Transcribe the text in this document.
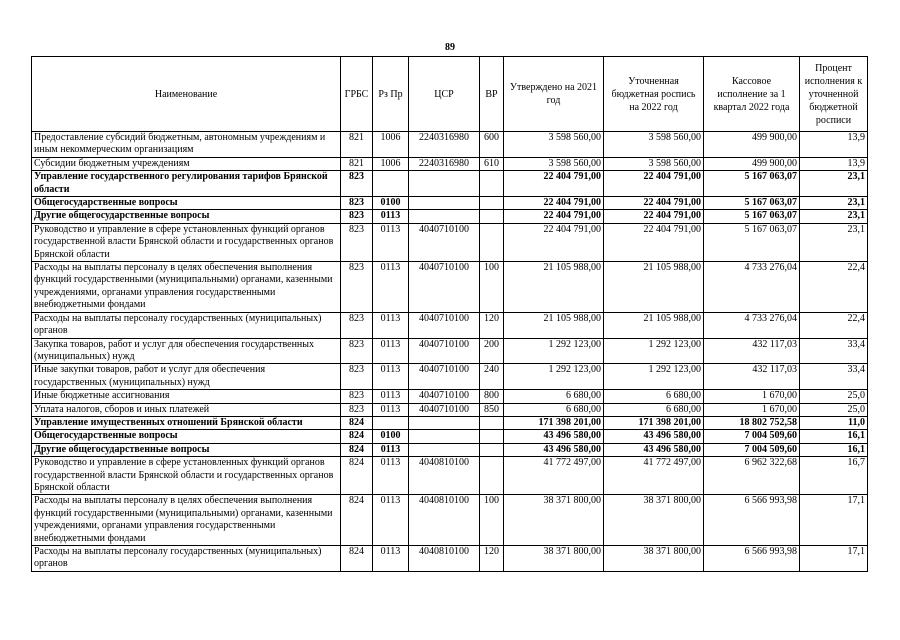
89
Наименование	ГРБС	Рз Пр	ЦСР	ВР	Утверждено на 2021 год	Уточненная бюджетная роспись на 2022 год	Кассовое исполнение за 1 квартал 2022 года	Процент исполнения к уточненной бюджетной росписи
Предоставление субсидий бюджетным, автономным учреждениям и иным некоммерческим организациям	821	1006	2240316980	600	3 598 560,00	3 598 560,00	499 900,00	13,9
Субсидии бюджетным учреждениям	821	1006	2240316980	610	3 598 560,00	3 598 560,00	499 900,00	13,9
Управление государственного регулирования тарифов Брянской области	823				22 404 791,00	22 404 791,00	5 167 063,07	23,1
Общегосударственные вопросы	823	0100			22 404 791,00	22 404 791,00	5 167 063,07	23,1
Другие общегосударственные вопросы	823	0113			22 404 791,00	22 404 791,00	5 167 063,07	23,1
Руководство и управление в сфере установленных функций органов государственной власти Брянской области и государственных органов Брянской области	823	0113	4040710100		22 404 791,00	22 404 791,00	5 167 063,07	23,1
Расходы на выплаты персоналу в целях обеспечения выполнения функций государственными (муниципальными) органами, казенными учреждениями, органами управления государственными внебюджетными фондами	823	0113	4040710100	100	21 105 988,00	21 105 988,00	4 733 276,04	22,4
Расходы на выплаты персоналу государственных (муниципальных) органов	823	0113	4040710100	120	21 105 988,00	21 105 988,00	4 733 276,04	22,4
Закупка товаров, работ и услуг для обеспечения государственных (муниципальных) нужд	823	0113	4040710100	200	1 292 123,00	1 292 123,00	432 117,03	33,4
Иные закупки товаров, работ и услуг для обеспечения государственных (муниципальных) нужд	823	0113	4040710100	240	1 292 123,00	1 292 123,00	432 117,03	33,4
Иные бюджетные ассигнования	823	0113	4040710100	800	6 680,00	6 680,00	1 670,00	25,0
Уплата налогов, сборов и иных платежей	823	0113	4040710100	850	6 680,00	6 680,00	1 670,00	25,0
Управление имущественных отношений Брянской области	824				171 398 201,00	171 398 201,00	18 802 752,58	11,0
Общегосударственные вопросы	824	0100			43 496 580,00	43 496 580,00	7 004 509,60	16,1
Другие общегосударственные вопросы	824	0113			43 496 580,00	43 496 580,00	7 004 509,60	16,1
Руководство и управление в сфере установленных функций органов государственной власти Брянской области и государственных органов Брянской области	824	0113	4040810100		41 772 497,00	41 772 497,00	6 962 322,68	16,7
Расходы на выплаты персоналу в целях обеспечения выполнения функций государственными (муниципальными) органами, казенными учреждениями, органами управления государственными внебюджетными фондами	824	0113	4040810100	100	38 371 800,00	38 371 800,00	6 566 993,98	17,1
Расходы на выплаты персоналу государственных (муниципальных) органов	824	0113	4040810100	120	38 371 800,00	38 371 800,00	6 566 993,98	17,1
